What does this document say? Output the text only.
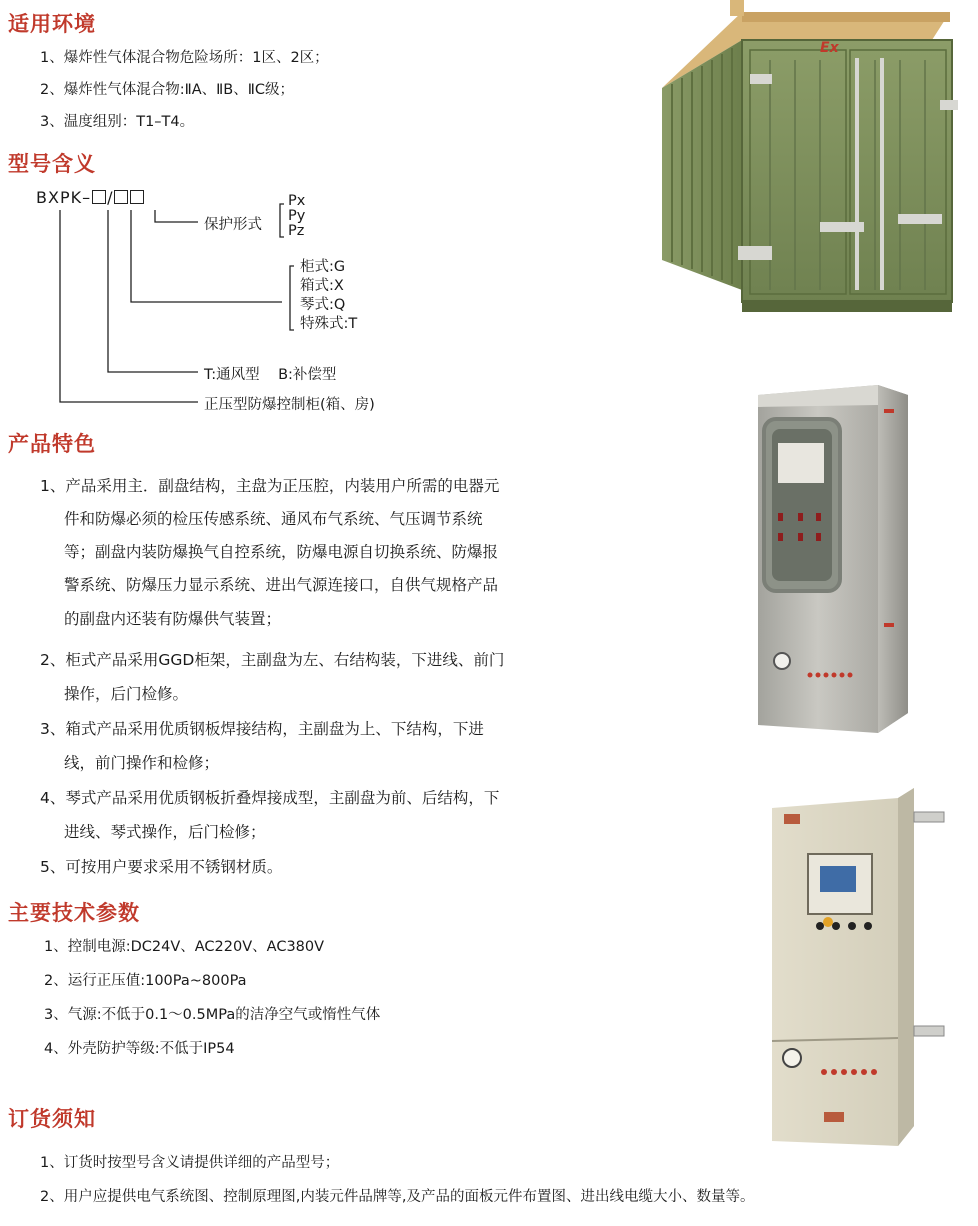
适用环境
1、爆炸性气体混合物危险场所：1区、2区；
2、爆炸性气体混合物:ⅡA、ⅡB、ⅡC级；
3、温度组别：T1–T4。
型号含义
BXPK– /
保护形式
Px
Py
Pz
柜式:G
箱式:X
琴式:Q
特殊式:T
T:通风型    B:补偿型
正压型防爆控制柜(箱、房)
产品特色
1、产品采用主．副盘结构，主盘为正压腔，内装用户所需的电器元
件和防爆必须的检压传感系统、通风布气系统、气压调节系统
等；副盘内装防爆换气自控系统，防爆电源自切换系统、防爆报
警系统、防爆压力显示系统、进出气源连接口，自供气规格产品
的副盘内还装有防爆供气装置；
2、柜式产品采用GGD柜架，主副盘为左、右结构装，下进线、前门
操作，后门检修。
3、箱式产品采用优质钢板焊接结构，主副盘为上、下结构，下进
线，前门操作和检修；
4、琴式产品采用优质钢板折叠焊接成型，主副盘为前、后结构，下
进线、琴式操作，后门检修；
5、可按用户要求采用不锈钢材质。
主要技术参数
1、控制电源:DC24V、AC220V、AC380V
2、运行正压值:100Pa~800Pa
3、气源:不低于0.1～0.5MPa的洁净空气或惰性气体
4、外壳防护等级:不低于IP54
订货须知
1、订货时按型号含义请提供详细的产品型号；
2、用户应提供电气系统图、控制原理图,内装元件品牌等,及产品的面板元件布置图、进出线电缆大小、数量等。
Ex
